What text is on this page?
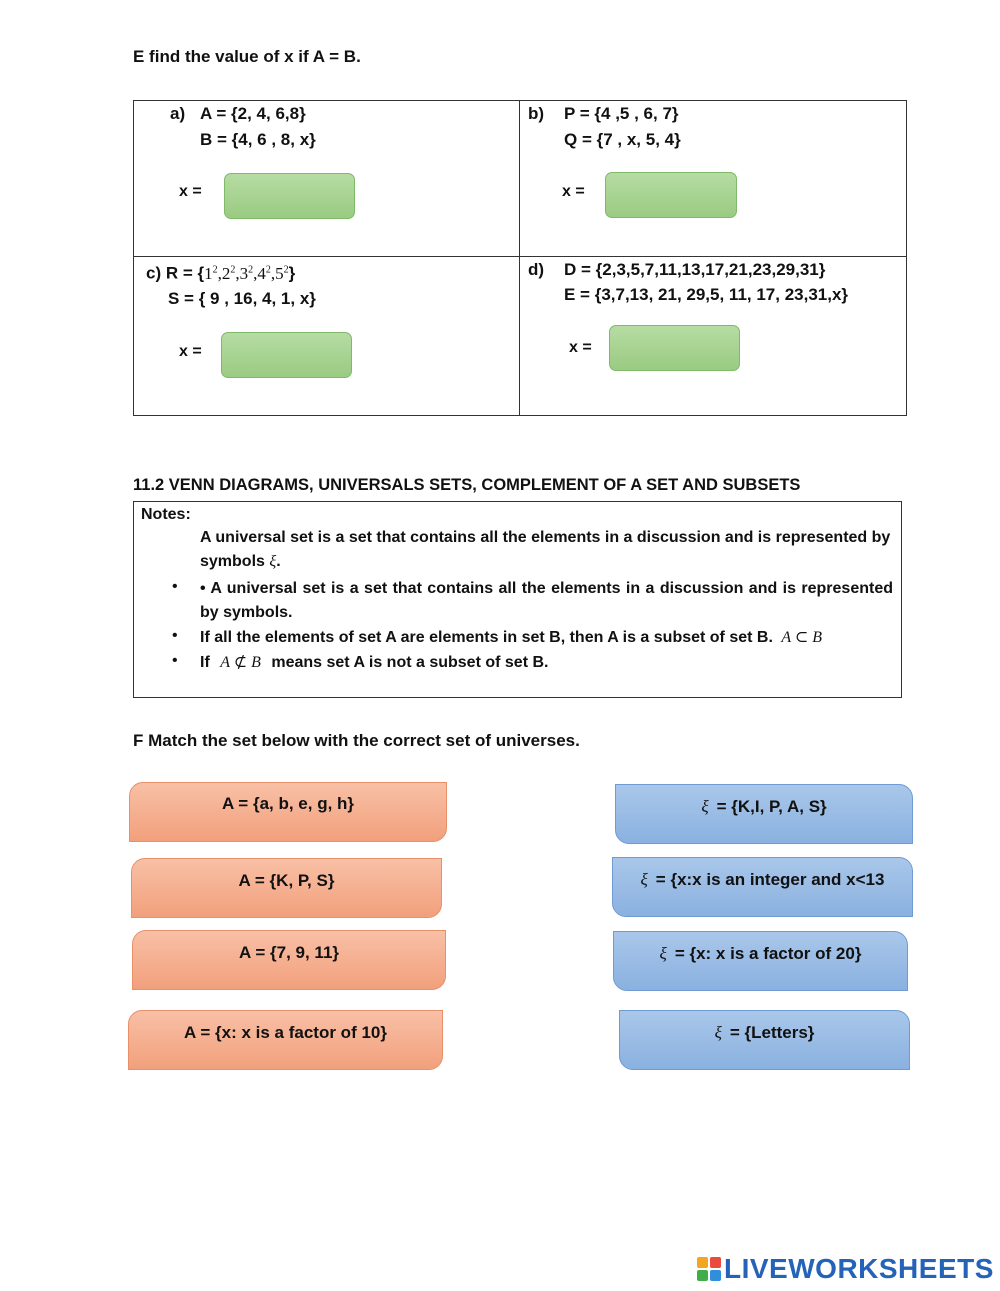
E find the value of x if A = B.
a) A = {2, 4, 6,8}
B = {4, 6 , 8, x}
x =
b) P = {4 ,5 , 6, 7}
Q = {7 , x, 5, 4}
x =
c) $R = \{1^2,2^2,3^2,4^2,5^2\}$
S = { 9 , 16, 4, 1, x}
x =
d) D = {2,3,5,7,11,13,17,21,23,29,31}
E = {3,7,13, 21, 29,5, 11, 17, 23,31,x}
x =
11.2 VENN DIAGRAMS, UNIVERSALS SETS, COMPLEMENT OF A SET AND SUBSETS
Notes:
A universal set is a set that contains all the elements in a discussion and is represented by symbols ξ.
• • A universal set is a set that contains all the elements in a discussion and is represented by symbols.
• If all the elements of set A are elements in set B, then A is a subset of set B. A ⊂ B
• If A ⊄ B means set A is not a subset of set B.
F Match the set below with the correct set of universes.
A = {a, b, e, g, h}
A = {K, P, S}
A = {7, 9, 11}
A = {x: x is a factor of 10}
ξ = {K,I, P, A, S}
ξ = {x:x is an integer and x<13
ξ = {x: x is a factor of 20}
ξ = {Letters}
LIVEWORKSHEETS
